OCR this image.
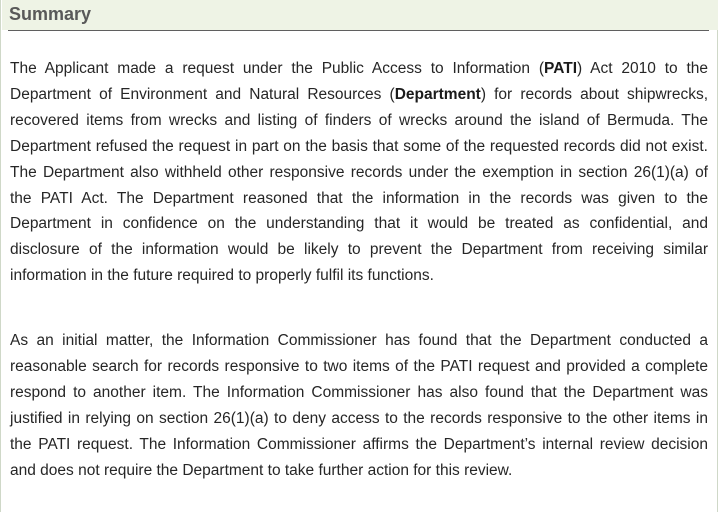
Summary

The Applicant made a request under the Public Access to Information (PATI) Act 2010 to the Department of Environment and Natural Resources (Department) for records about shipwrecks, recovered items from wrecks and listing of finders of wrecks around the island of Bermuda. The Department refused the request in part on the basis that some of the requested records did not exist. The Department also withheld other responsive records under the exemption in section 26(1)(a) of the PATI Act. The Department reasoned that the information in the records was given to the Department in confidence on the understanding that it would be treated as confidential, and disclosure of the information would be likely to prevent the Department from receiving similar information in the future required to properly fulfil its functions.

As an initial matter, the Information Commissioner has found that the Department conducted a reasonable search for records responsive to two items of the PATI request and provided a complete respond to another item. The Information Commissioner has also found that the Department was justified in relying on section 26(1)(a) to deny access to the records responsive to the other items in the PATI request. The Information Commissioner affirms the Department’s internal review decision and does not require the Department to take further action for this review.
